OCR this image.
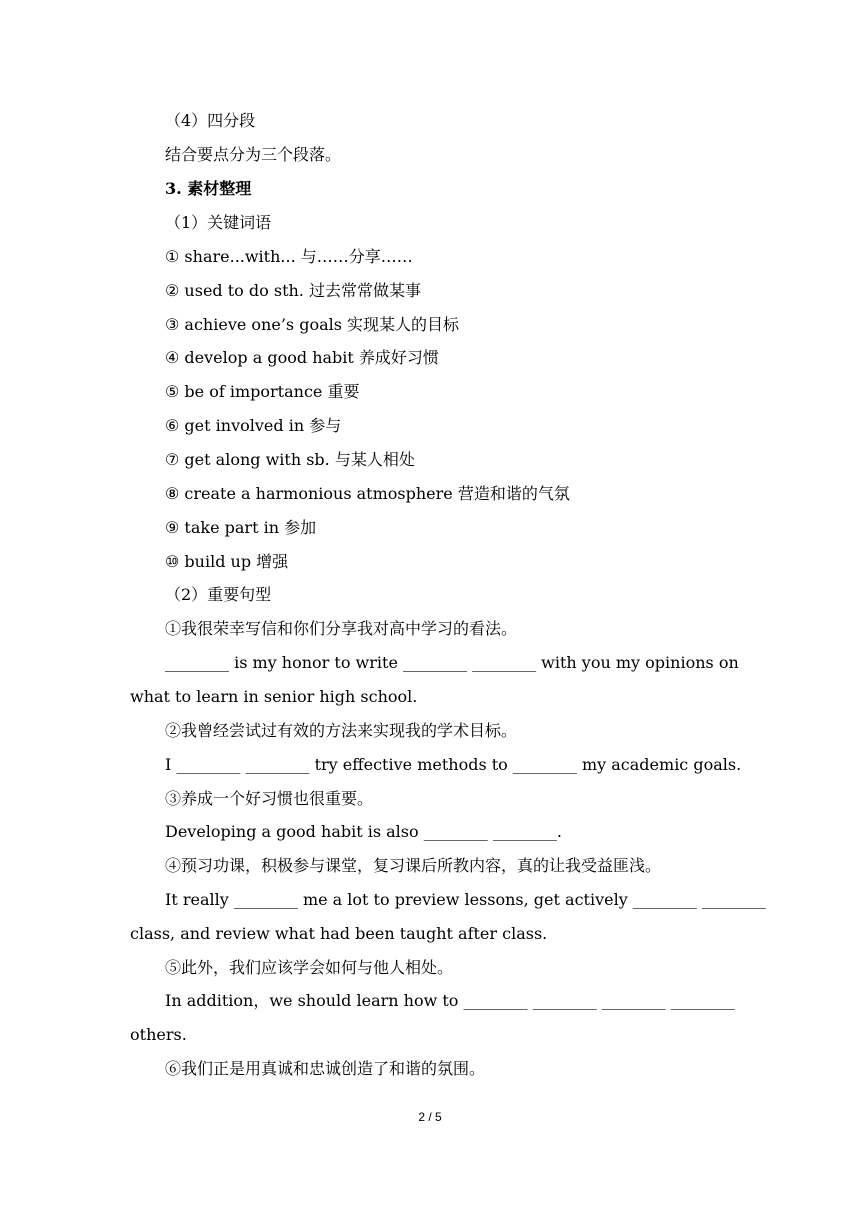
（4）四分段
结合要点分为三个段落。
3. 素材整理
（1）关键词语
① share...with... 与……分享……
② used to do sth. 过去常常做某事
③ achieve one’s goals 实现某人的目标
④ develop a good habit 养成好习惯
⑤ be of importance 重要
⑥ get involved in 参与
⑦ get along with sb. 与某人相处
⑧ create a harmonious atmosphere 营造和谐的气氛
⑨ take part in 参加
⑩ build up 增强
（2）重要句型
①我很荣幸写信和你们分享我对高中学习的看法。
________ is my honor to write ________ ________ with you my opinions on
what to learn in senior high school.
②我曾经尝试过有效的方法来实现我的学术目标。
I ________ ________ try effective methods to ________ my academic goals.
③养成一个好习惯也很重要。
Developing a good habit is also ________ ________.
④预习功课，积极参与课堂，复习课后所教内容，真的让我受益匪浅。
It really ________ me a lot to preview lessons, get actively ________ ________
class, and review what had been taught after class.
⑤此外，我们应该学会如何与他人相处。
In addition，we should learn how to ________ ________ ________ ________
others.
⑥我们正是用真诚和忠诚创造了和谐的氛围。
2 / 5
